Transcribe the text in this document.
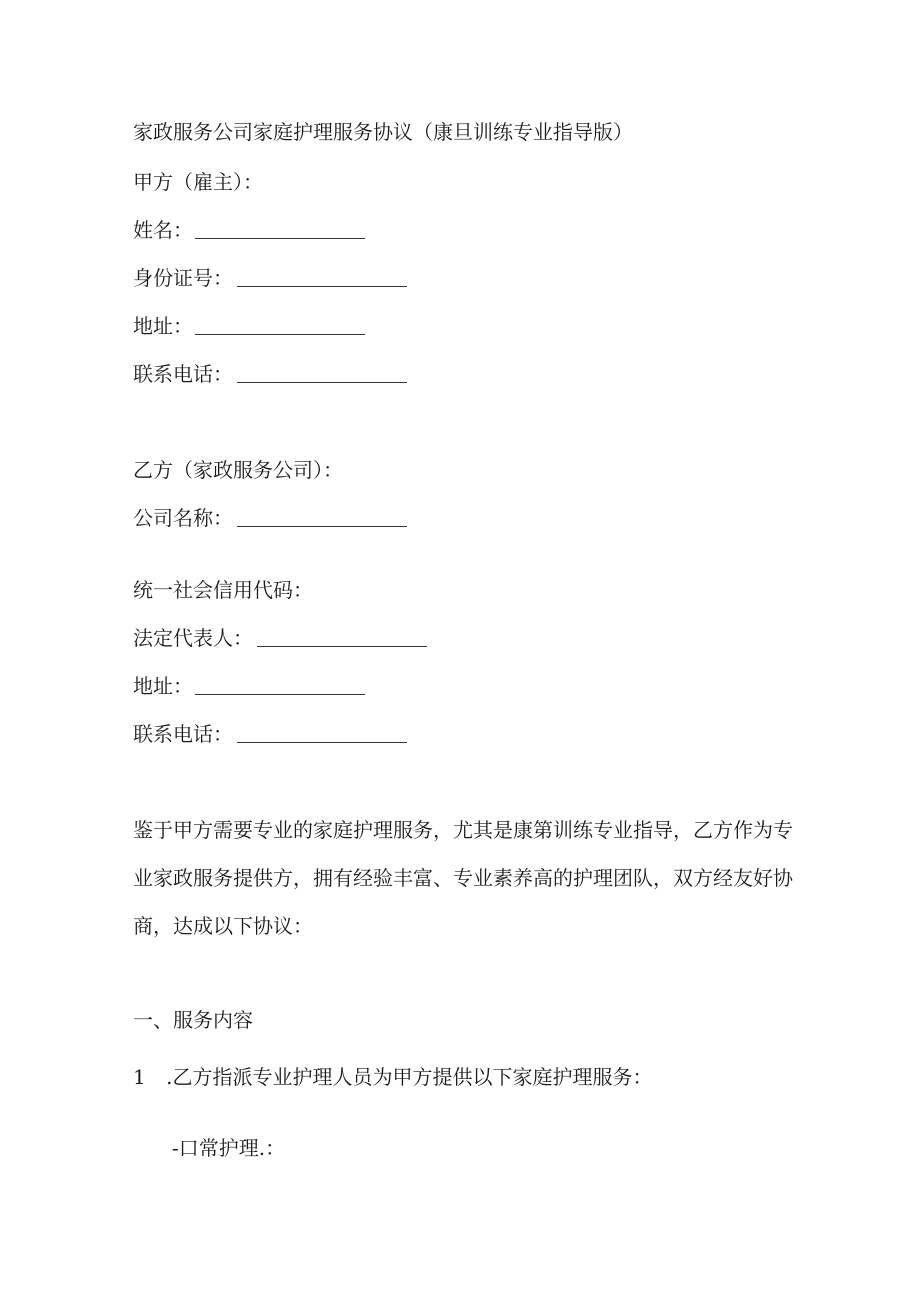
家政服务公司家庭护理服务协议（康旦训练专业指导版）
甲方（雇主）：
姓名：
身份证号：
地址：
联系电话：
乙方（家政服务公司）：
公司名称：
统一社会信用代码：
法定代表人：
地址：
联系电话：
鉴于甲方需要专业的家庭护理服务，尤其是康第训练专业指导，乙方作为专业家政服务提供方，拥有经验丰富、专业素养高的护理团队，双方经友好协商，达成以下协议：
一、服务内容
1 .乙方指派专业护理人员为甲方提供以下家庭护理服务：
-口常护理.：
